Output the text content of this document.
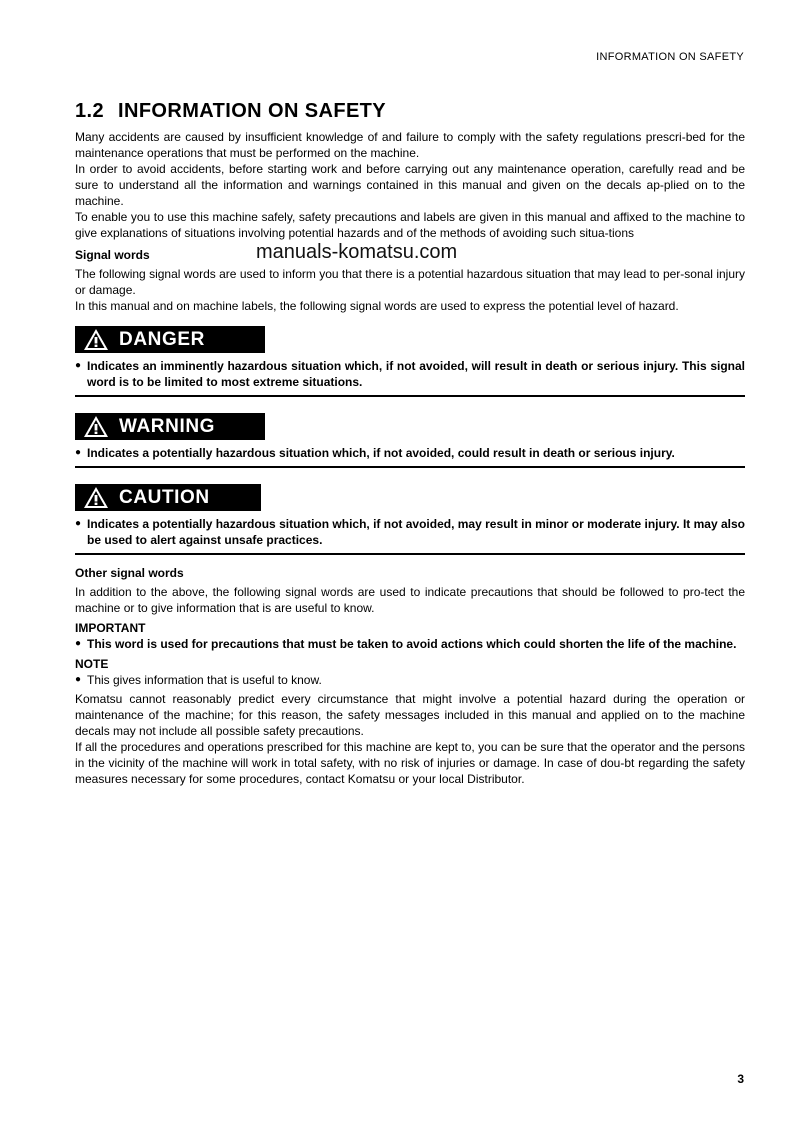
INFORMATION ON SAFETY
manuals-komatsu.com
1.2 INFORMATION ON SAFETY

Many accidents are caused by insufficient knowledge of and failure to comply with the safety regulations prescri-bed for the maintenance operations that must be performed on the machine.

In order to avoid accidents, before starting work and before carrying out any maintenance operation, carefully read and be sure to understand all the information and warnings contained in this manual and given on the decals ap-plied on to the machine.

To enable you to use this machine safely, safety precautions and labels are given in this manual and affixed to the machine to give explanations of situations involving potential hazards and of the methods of avoiding such situa-tions

Signal words

The following signal words are used to inform you that there is a potential hazardous situation that may lead to per-sonal injury or damage.

In this manual and on machine labels, the following signal words are used to express the potential level of hazard.

DANGER
● Indicates an imminently hazardous situation which, if not avoided, will result in death or serious injury. This signal word is to be limited to most extreme situations.
WARNING
● Indicates a potentially hazardous situation which, if not avoided, could result in death or serious injury.
CAUTION
● Indicates a potentially hazardous situation which, if not avoided, may result in minor or moderate injury. It may also be used to alert against unsafe practices.
Other signal words

In addition to the above, the following signal words are used to indicate precautions that should be followed to pro-tect the machine or to give information that is are useful to know.

IMPORTANT
● This word is used for precautions that must be taken to avoid actions which could shorten the life of the machine.
NOTE
● This gives information that is useful to know.

Komatsu cannot reasonably predict every circumstance that might involve a potential hazard during the operation or maintenance of the machine; for this reason, the safety messages included in this manual and applied on to the machine decals may not include all possible safety precautions.

If all the procedures and operations prescribed for this machine are kept to, you can be sure that the operator and the persons in the vicinity of the machine will work in total safety, with no risk of injuries or damage. In case of dou-bt regarding the safety measures necessary for some procedures, contact Komatsu or your local Distributor.

3
